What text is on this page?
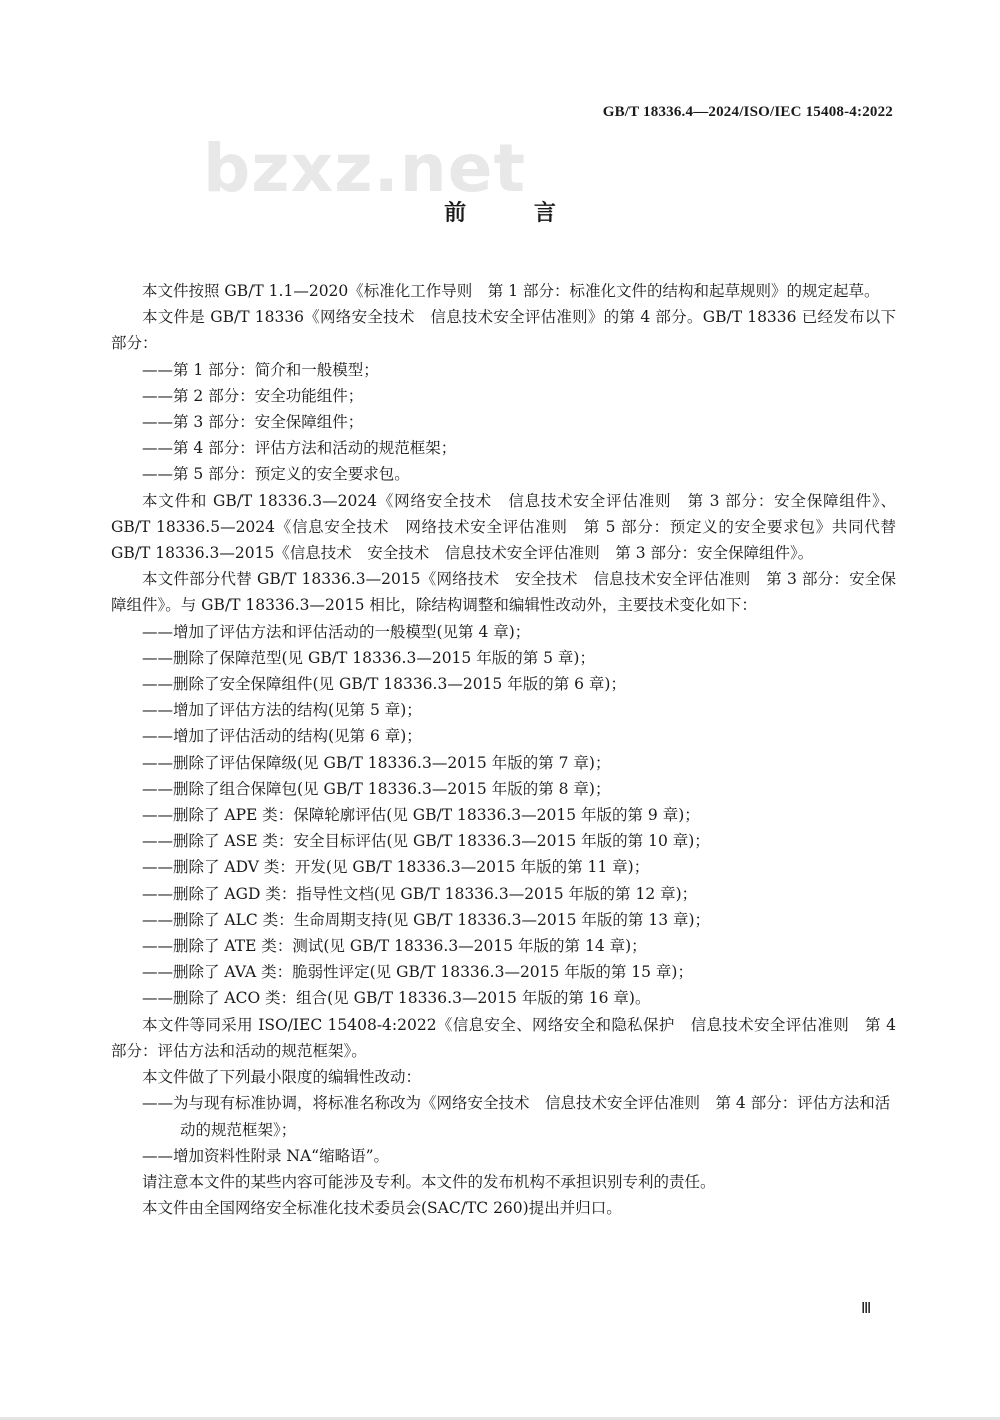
GB/T 18336.4—2024/ISO/IEC 15408-4:2022
bzxz.net
前 言

本文件按照 GB/T 1.1—2020《标准化工作导则　第 1 部分：标准化文件的结构和起草规则》的规定起草。

本文件是 GB/T 18336《网络安全技术　信息技术安全评估准则》的第 4 部分。GB/T 18336 已经发布以下部分：

——第 1 部分：简介和一般模型；

——第 2 部分：安全功能组件；

——第 3 部分：安全保障组件；

——第 4 部分：评估方法和活动的规范框架；

——第 5 部分：预定义的安全要求包。

本文件和 GB/T 18336.3—2024《网络安全技术　信息技术安全评估准则　第 3 部分：安全保障组件》、GB/T 18336.5—2024《信息安全技术　网络技术安全评估准则　第 5 部分：预定义的安全要求包》共同代替 GB/T 18336.3—2015《信息技术　安全技术　信息技术安全评估准则　第 3 部分：安全保障组件》。

本文件部分代替 GB/T 18336.3—2015《网络技术　安全技术　信息技术安全评估准则　第 3 部分：安全保障组件》。与 GB/T 18336.3—2015 相比，除结构调整和编辑性改动外，主要技术变化如下：

——增加了评估方法和评估活动的一般模型(见第 4 章)；

——删除了保障范型(见 GB/T 18336.3—2015 年版的第 5 章)；

——删除了安全保障组件(见 GB/T 18336.3—2015 年版的第 6 章)；

——增加了评估方法的结构(见第 5 章)；

——增加了评估活动的结构(见第 6 章)；

——删除了评估保障级(见 GB/T 18336.3—2015 年版的第 7 章)；

——删除了组合保障包(见 GB/T 18336.3—2015 年版的第 8 章)；

——删除了 APE 类：保障轮廓评估(见 GB/T 18336.3—2015 年版的第 9 章)；

——删除了 ASE 类：安全目标评估(见 GB/T 18336.3—2015 年版的第 10 章)；

——删除了 ADV 类：开发(见 GB/T 18336.3—2015 年版的第 11 章)；

——删除了 AGD 类：指导性文档(见 GB/T 18336.3—2015 年版的第 12 章)；

——删除了 ALC 类：生命周期支持(见 GB/T 18336.3—2015 年版的第 13 章)；

——删除了 ATE 类：测试(见 GB/T 18336.3—2015 年版的第 14 章)；

——删除了 AVA 类：脆弱性评定(见 GB/T 18336.3—2015 年版的第 15 章)；

——删除了 ACO 类：组合(见 GB/T 18336.3—2015 年版的第 16 章)。

本文件等同采用 ISO/IEC 15408-4:2022《信息安全、网络安全和隐私保护　信息技术安全评估准则　第 4 部分：评估方法和活动的规范框架》。

本文件做了下列最小限度的编辑性改动：

——为与现有标准协调，将标准名称改为《网络安全技术　信息技术安全评估准则　第 4 部分：评估方法和活动的规范框架》；

——增加资料性附录 NA“缩略语”。

请注意本文件的某些内容可能涉及专利。本文件的发布机构不承担识别专利的责任。

本文件由全国网络安全标准化技术委员会(SAC/TC 260)提出并归口。

Ⅲ
